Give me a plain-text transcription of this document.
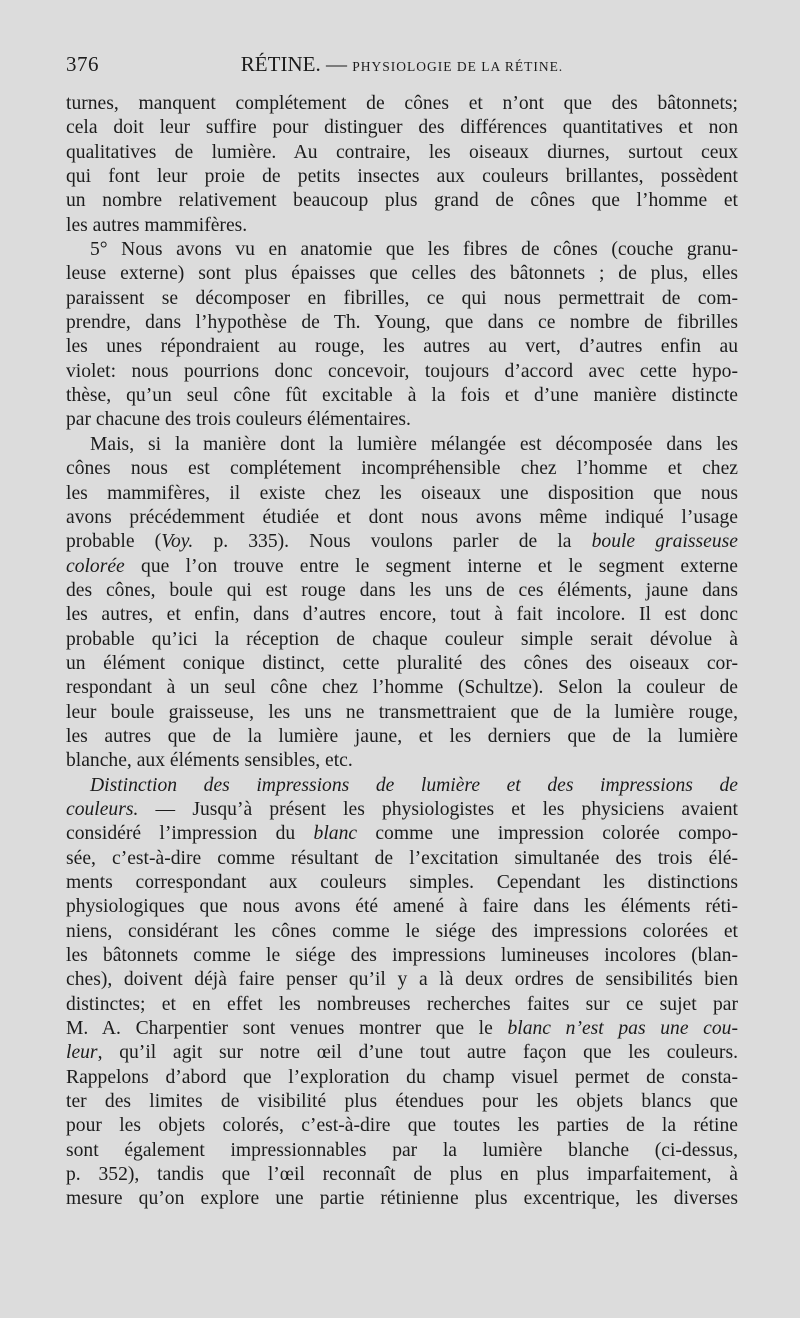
376	RÉTINE. — PHYSIOLOGIE DE LA RÉTINE.
turnes, manquent complétement de cônes et n’ont que des bâtonnets;
cela doit leur suffire pour distinguer des différences quantitatives et non
qualitatives de lumière. Au contraire, les oiseaux diurnes, surtout ceux
qui font leur proie de petits insectes aux couleurs brillantes, possèdent
un nombre relativement beaucoup plus grand de cônes que l’homme et
les autres mammifères.
5° Nous avons vu en anatomie que les fibres de cônes (couche granu-
leuse externe) sont plus épaisses que celles des bâtonnets ; de plus, elles
paraissent se décomposer en fibrilles, ce qui nous permettrait de com-
prendre, dans l’hypothèse de Th. Young, que dans ce nombre de fibrilles
les unes répondraient au rouge, les autres au vert, d’autres enfin au
violet: nous pourrions donc concevoir, toujours d’accord avec cette hypo-
thèse, qu’un seul cône fût excitable à la fois et d’une manière distincte
par chacune des trois couleurs élémentaires.
Mais, si la manière dont la lumière mélangée est décomposée dans les
cônes nous est complétement incompréhensible chez l’homme et chez
les mammifères, il existe chez les oiseaux une disposition que nous
avons précédemment étudiée et dont nous avons même indiqué l’usage
probable (Voy. p. 335). Nous voulons parler de la boule graisseuse
colorée que l’on trouve entre le segment interne et le segment externe
des cônes, boule qui est rouge dans les uns de ces éléments, jaune dans
les autres, et enfin, dans d’autres encore, tout à fait incolore. Il est donc
probable qu’ici la réception de chaque couleur simple serait dévolue à
un élément conique distinct, cette pluralité des cônes des oiseaux cor-
respondant à un seul cône chez l’homme (Schultze). Selon la couleur de
leur boule graisseuse, les uns ne transmettraient que de la lumière rouge,
les autres que de la lumière jaune, et les derniers que de la lumière
blanche, aux éléments sensibles, etc.
Distinction des impressions de lumière et des impressions de
couleurs. — Jusqu’à présent les physiologistes et les physiciens avaient
considéré l’impression du blanc comme une impression colorée compo-
sée, c’est-à-dire comme résultant de l’excitation simultanée des trois élé-
ments correspondant aux couleurs simples. Cependant les distinctions
physiologiques que nous avons été amené à faire dans les éléments réti-
niens, considérant les cônes comme le siége des impressions colorées et
les bâtonnets comme le siége des impressions lumineuses incolores (blan-
ches), doivent déjà faire penser qu’il y a là deux ordres de sensibilités bien
distinctes; et en effet les nombreuses recherches faites sur ce sujet par
M. A. Charpentier sont venues montrer que le blanc n’est pas une cou-
leur, qu’il agit sur notre œil d’une tout autre façon que les couleurs.
Rappelons d’abord que l’exploration du champ visuel permet de consta-
ter des limites de visibilité plus étendues pour les objets blancs que
pour les objets colorés, c’est-à-dire que toutes les parties de la rétine
sont également impressionnables par la lumière blanche (ci-dessus,
p. 352), tandis que l’œil reconnaît de plus en plus imparfaitement, à
mesure qu’on explore une partie rétinienne plus excentrique, les diverses
